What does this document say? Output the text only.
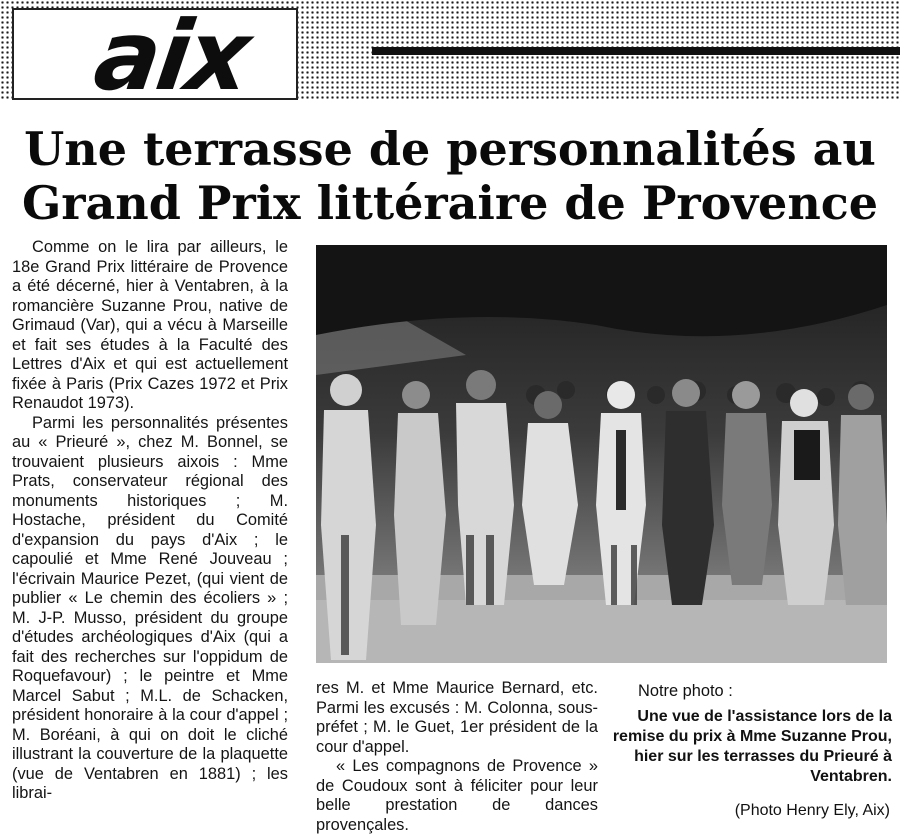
aix
Une terrasse de personnalités au
Grand Prix littéraire de Provence

Comme on le lira par ailleurs, le 18e Grand Prix littéraire de Provence a été décerné, hier à Ventabren, à la romancière Suzanne Prou, native de Grimaud (Var), qui a vécu à Marseille et fait ses études à la Faculté des Lettres d'Aix et qui est actuellement fixée à Paris (Prix Cazes 1972 et Prix Renaudot 1973).

Parmi les personnalités présentes au « Prieuré », chez M. Bonnel, se trouvaient plusieurs aixois : Mme Prats, conservateur régional des monuments historiques ; M. Hostache, président du Comité d'expansion du pays d'Aix ; le capoulié et Mme René Jouveau ; l'écrivain Maurice Pezet, (qui vient de publier « Le chemin des écoliers » ; M. J-P. Musso, président du groupe d'études archéologiques d'Aix (qui a fait des recherches sur l'oppidum de Roquefavour) ; le peintre et Mme Marcel Sabut ; M.L. de Schacken, président honoraire à la cour d'appel ; M. Boréani, à qui on doit le cliché illustrant la couverture de la plaquette (vue de Ventabren en 1881) ; les librai-

res M. et Mme Maurice Bernard, etc. Parmi les excusés : M. Colonna, sous-préfet ; M. le Guet, 1er président de la cour d'appel.

« Les compagnons de Provence » de Coudoux sont à féliciter pour leur belle prestation de dances provençales.

Notre photo :
Une vue de l'assistance lors de la remise du prix à Mme Suzanne Prou, hier sur les terrasses du Prieuré à Ventabren.
(Photo Henry Ely, Aix)
